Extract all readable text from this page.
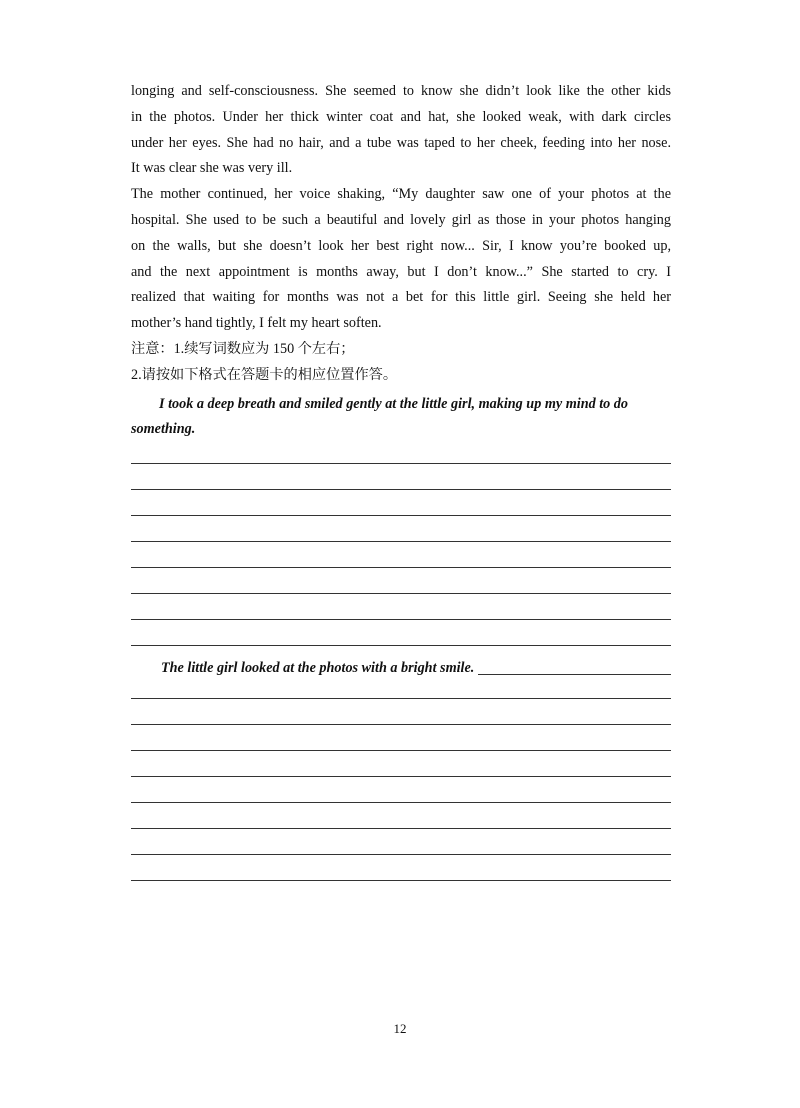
longing and self-consciousness. She seemed to know she didn’t look like the other kids
in the photos. Under her thick winter coat and hat, she looked weak, with dark circles
under her eyes. She had no hair, and a tube was taped to her cheek, feeding into her nose.
It was clear she was very ill.

The mother continued, her voice shaking, “My daughter saw one of your photos at the
hospital. She used to be such a beautiful and lovely girl as those in your photos hanging
on the walls, but she doesn’t look her best right now... Sir, I know you’re booked up,
and the next appointment is months away, but I don’t know...” She started to cry. I
realized that waiting for months was not a bet for this little girl. Seeing she held her
mother’s hand tightly, I felt my heart soften.

注意：1.续写词数应为 150 个左右；

2.请按如下格式在答题卡的相应位置作答。

I took a deep breath and smiled gently at the little girl, making up my mind to do something.

The little girl looked at the photos with a bright smile.
12
